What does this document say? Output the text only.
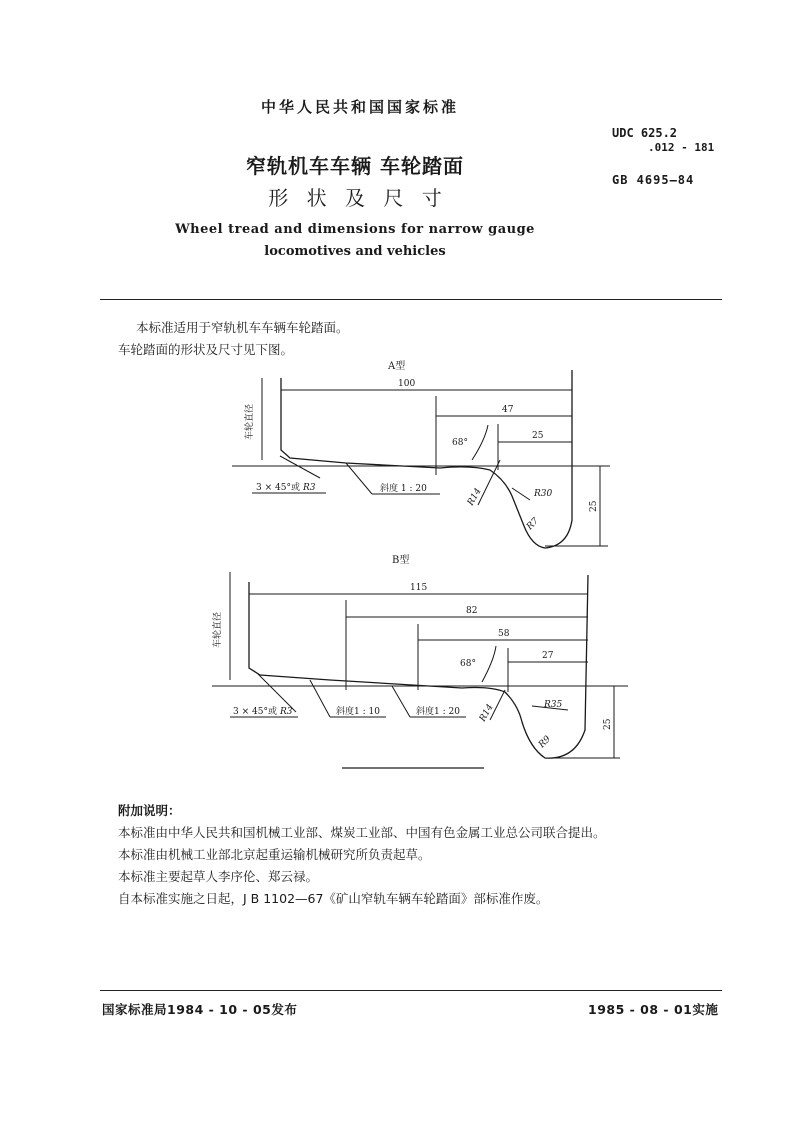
中华人民共和国国家标准
UDC 625.2
.012 - 181
GB 4695—84
窄轨机车车辆 车轮踏面
形 状 及 尺 寸
Wheel tread and dimensions for narrow gauge
locomotives and vehicles
本标准适用于窄轨机车车辆车轮踏面。
车轮踏面的形状及尺寸见下图。
A型
车轮直径
100
47
25
68°
25
3 × 45°或 R3	斜度 1 : 20	R14	R30
R7
B型
车轮直径
115
82
58
27
68°
25
3 × 45°或 R3	斜度1 : 10	斜度1 : 20 R14	R35
R9
附加说明：
本标准由中华人民共和国机械工业部、煤炭工业部、中国有色金属工业总公司联合提出。
本标准由机械工业部北京起重运输机械研究所负责起草。
本标准主要起草人李序伦、郑云禄。
自本标准实施之日起，J B 1102—67《矿山窄轨车辆车轮踏面》部标准作废。
国家标准局1984 - 10 - 05发布	1985 - 08 - 01实施
